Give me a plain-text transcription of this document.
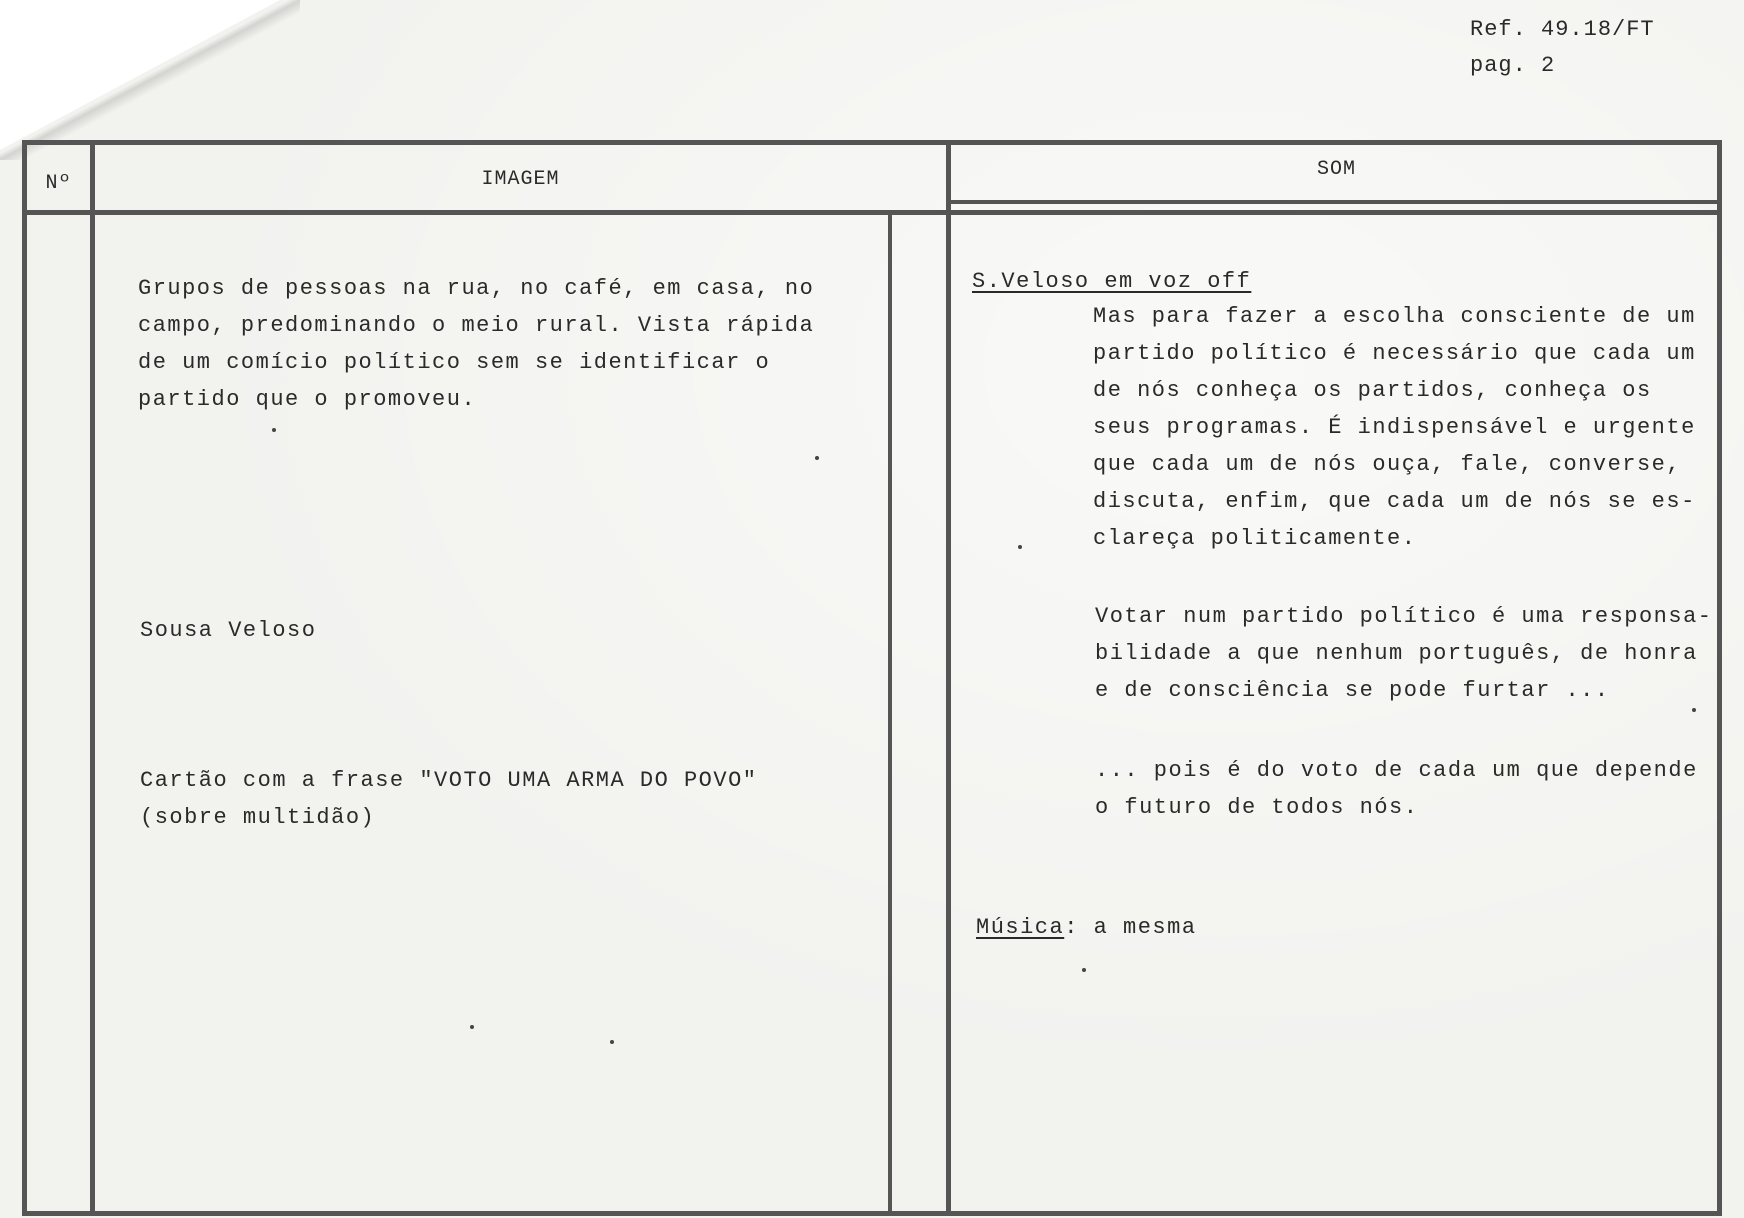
Ref. 49.18/FT
pag. 2
Nº	IMAGEM	SOM
Grupos de pessoas na rua, no café, em casa, no
campo, predominando o meio rural. Vista rápida
de um comício político sem se identificar o
partido que o promoveu.
Sousa Veloso
Cartão com a frase "VOTO UMA ARMA DO POVO"
(sobre multidão)
S.Veloso em voz off
Mas para fazer a escolha consciente de um
partido político é necessário que cada um
de nós conheça os partidos, conheça os
seus programas. É indispensável e urgente
que cada um de nós ouça, fale, converse,
discuta, enfim, que cada um de nós se es-
clareça politicamente.
Votar num partido político é uma responsa-
bilidade a que nenhum português, de honra
e de consciência se pode furtar ...
... pois é do voto de cada um que depende
o futuro de todos nós.

Música: a mesma
